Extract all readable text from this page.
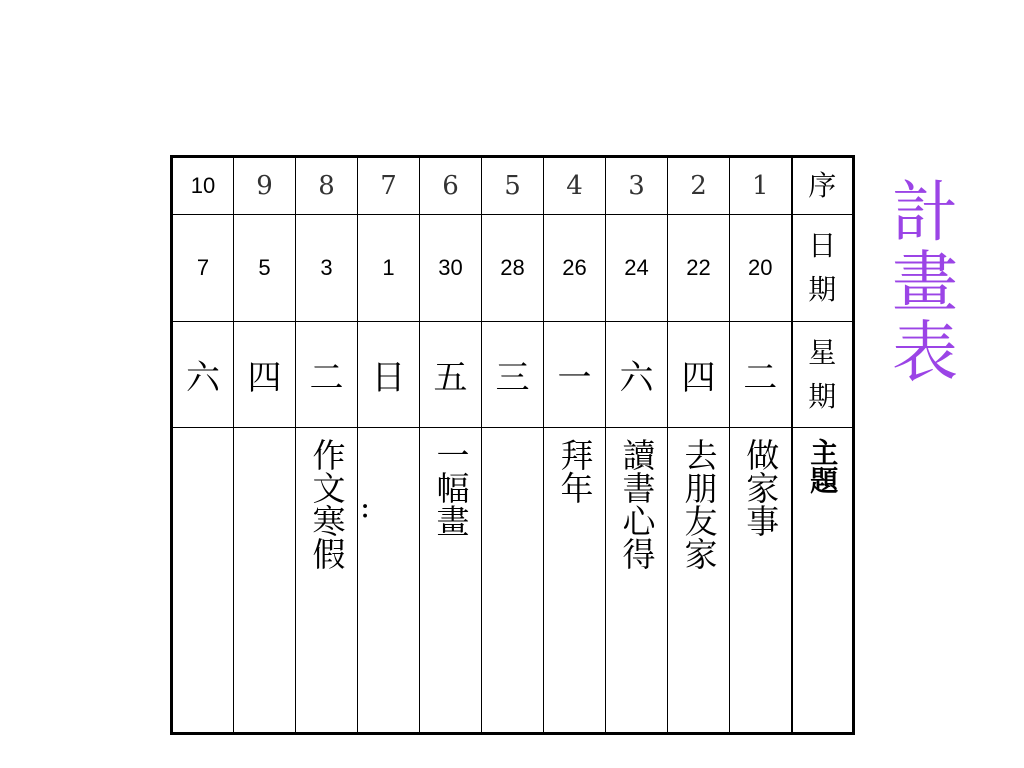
計
畫
表
10	9	8	7	6	5	4	3	2	1	序

7	5	3	1	30	28	26	24	22	20	日
期

六	四	二	日	五	三	一	六	四	二	星
期

		作文寒假	:	一幅畫		拜年	讀書心得	去朋友家	做家事	主題
